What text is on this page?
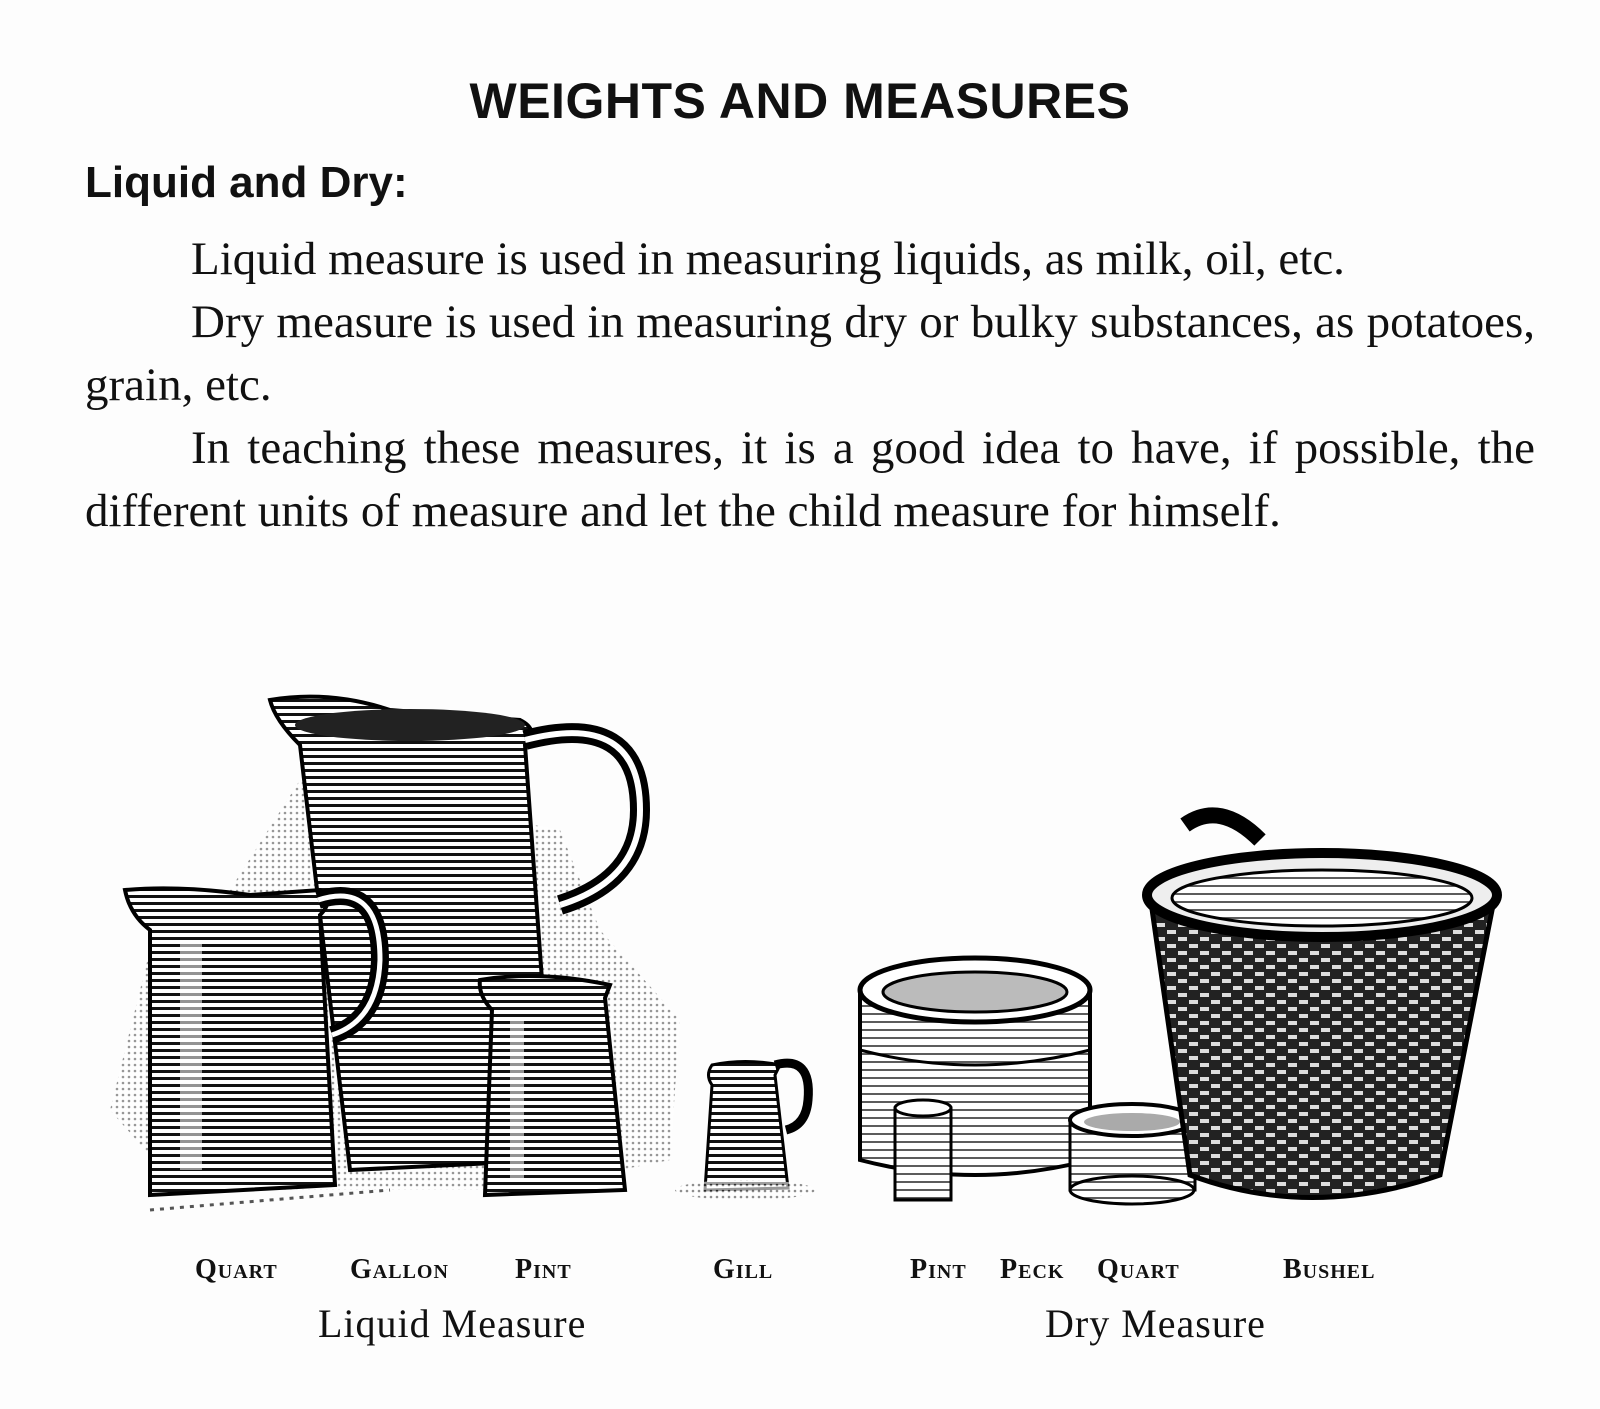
WEIGHTS AND MEASURES
Liquid and Dry:

Liquid measure is used in measuring liquids, as milk, oil, etc.

Dry measure is used in measuring dry or bulky substances, as potatoes, grain, etc.

In teaching these measures, it is a good idea to have, if possible, the different units of measure and let the child measure for himself.

Quart	Gallon Pint	Gill	Pint Peck Quart	Bushel
Liquid Measure	Dry Measure
